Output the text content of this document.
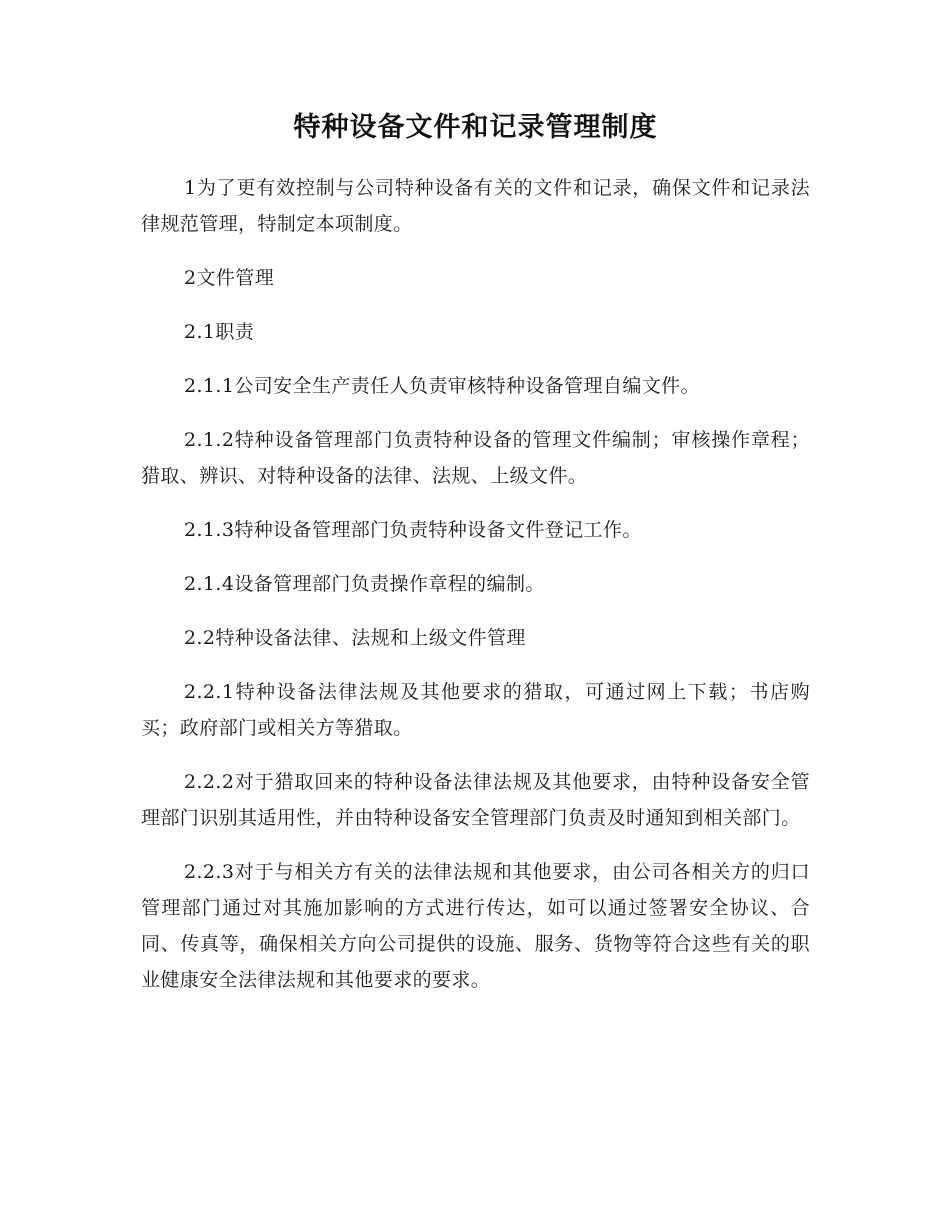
特种设备文件和记录管理制度

1为了更有效控制与公司特种设备有关的文件和记录，确保文件和记录法律规范管理，特制定本项制度。

2文件管理

2.1职责

2.1.1公司安全生产责任人负责审核特种设备管理自编文件。

2.1.2特种设备管理部门负责特种设备的管理文件编制；审核操作章程；猎取、辨识、对特种设备的法律、法规、上级文件。

2.1.3特种设备管理部门负责特种设备文件登记工作。

2.1.4设备管理部门负责操作章程的编制。

2.2特种设备法律、法规和上级文件管理

2.2.1特种设备法律法规及其他要求的猎取，可通过网上下载；书店购买；政府部门或相关方等猎取。

2.2.2对于猎取回来的特种设备法律法规及其他要求，由特种设备安全管理部门识别其适用性，并由特种设备安全管理部门负责及时通知到相关部门。

2.2.3对于与相关方有关的法律法规和其他要求，由公司各相关方的归口管理部门通过对其施加影响的方式进行传达，如可以通过签署安全协议、合同、传真等，确保相关方向公司提供的设施、服务、货物等符合这些有关的职业健康安全法律法规和其他要求的要求。
